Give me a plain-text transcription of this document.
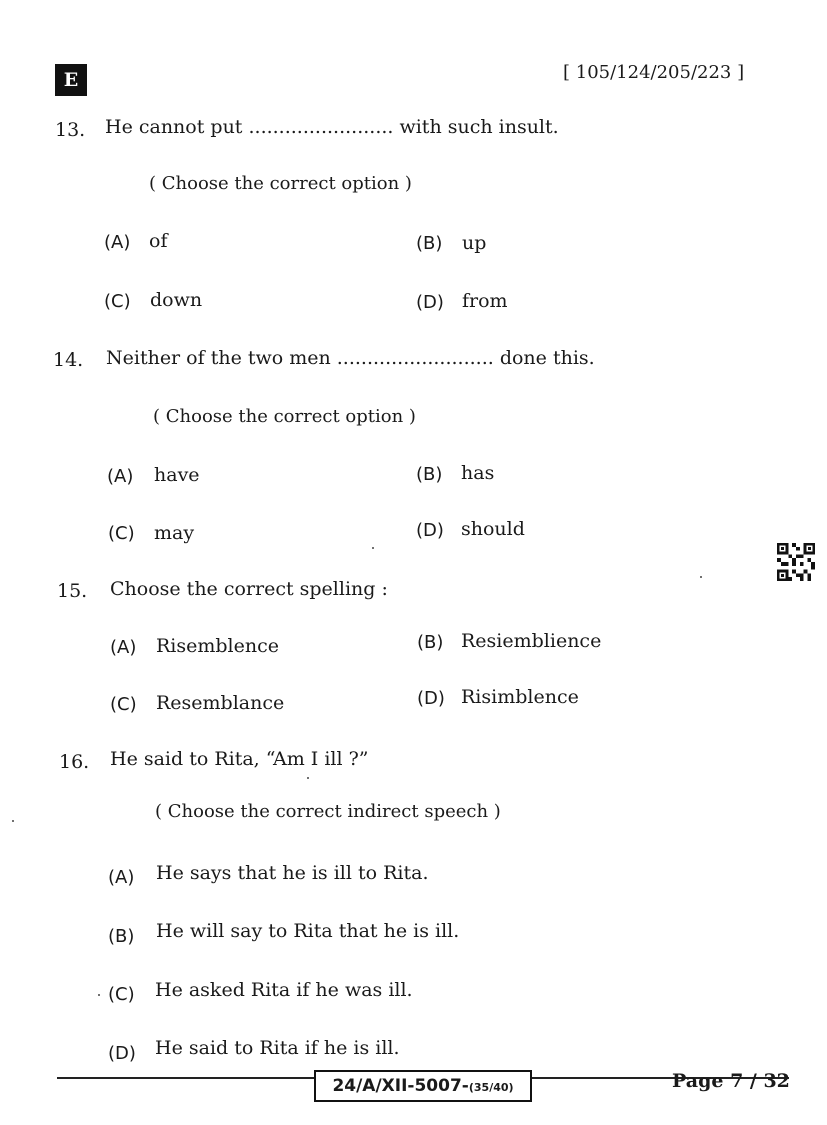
E	[ 105/124/205/223 ]
13. He cannot put ........................ with such insult.
( Choose the correct option )
(A) of	(B) up
(C) down	(D) from
14. Neither of the two men .......................... done this.
( Choose the correct option )
(A) have	(B) has
(C) may	(D) should
15. Choose the correct spelling :
(A) Risemblence	(B) Resiemblience
(C) Resemblance	(D) Risimblence
16. He said to Rita, “Am I ill ?”
( Choose the correct indirect speech )
(A) He says that he is ill to Rita.
(B) He will say to Rita that he is ill.
(C) He asked Rita if he was ill.
(D) He said to Rita if he is ill.
24/A/XII-5007-(35/40)	Page 7 / 32
